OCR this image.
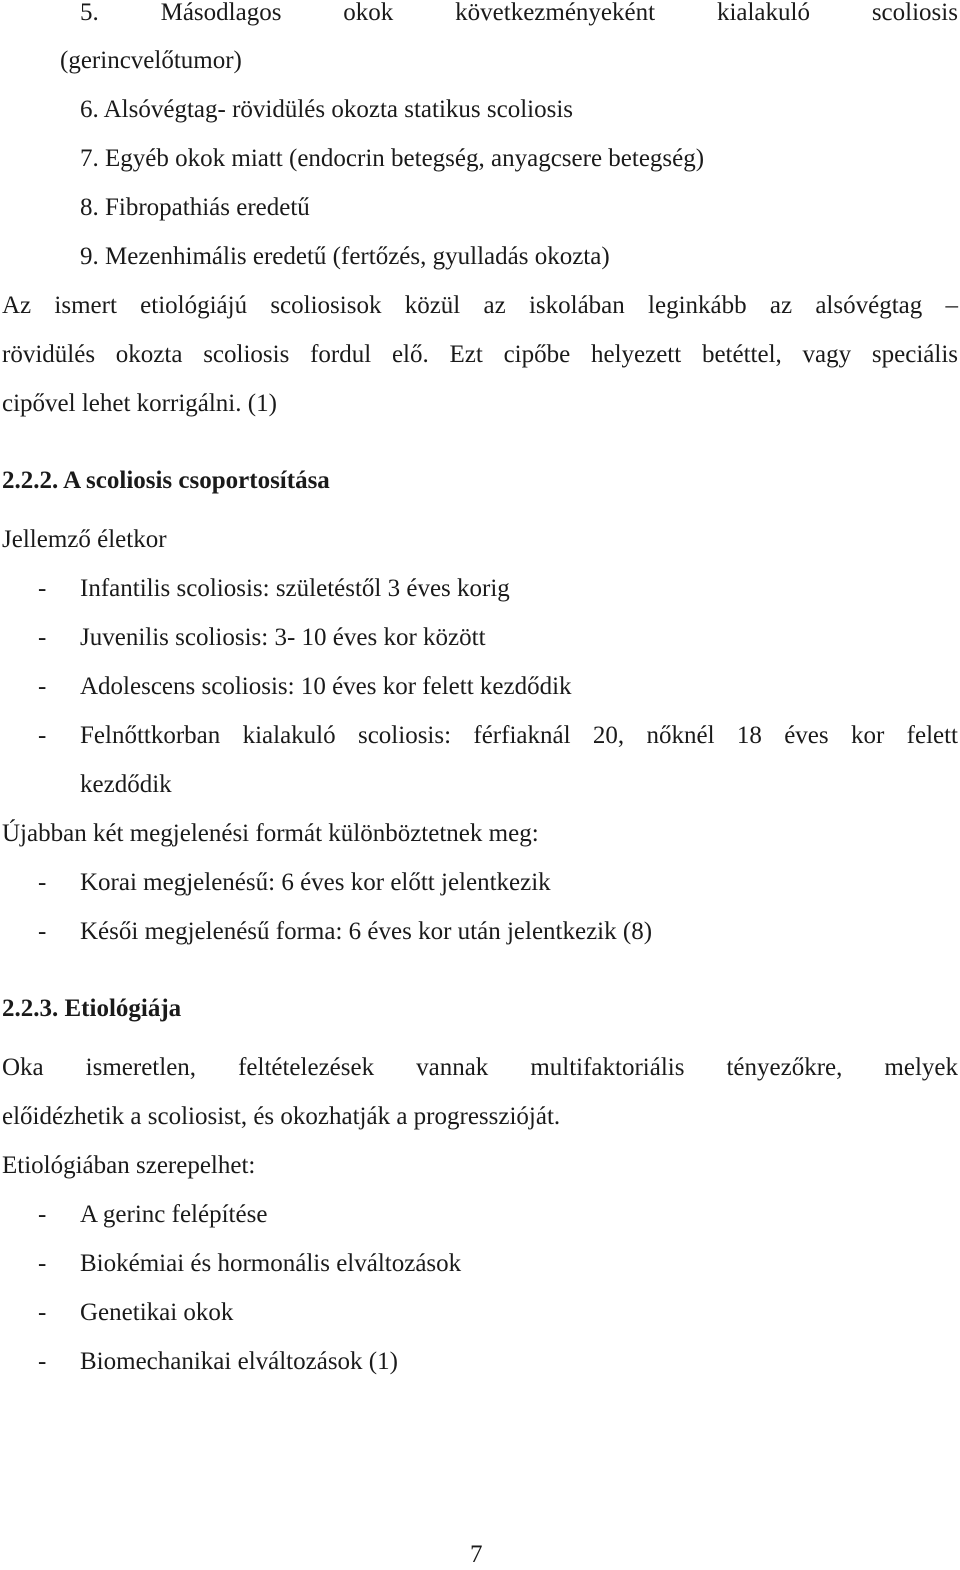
5. Másodlagos okok következményeként kialakuló scoliosis
(gerincvelőtumor)
6. Alsóvégtag- rövidülés okozta statikus scoliosis
7. Egyéb okok miatt (endocrin betegség, anyagcsere betegség)
8. Fibropathiás eredetű
9. Mezenhimális eredetű (fertőzés, gyulladás okozta)
Az ismert etiológiájú scoliosisok közül az iskolában leginkább az alsóvégtag –
rövidülés okozta scoliosis fordul elő. Ezt cipőbe helyezett betéttel, vagy speciális
cipővel lehet korrigálni. (1)
2.2.2. A scoliosis csoportosítása
Jellemző életkor
- Infantilis scoliosis: születéstől 3 éves korig
- Juvenilis scoliosis: 3- 10 éves kor között
- Adolescens scoliosis: 10 éves kor felett kezdődik
- Felnőttkorban kialakuló scoliosis: férfiaknál 20, nőknél 18 éves kor felett
kezdődik
Újabban két megjelenési formát különböztetnek meg:
- Korai megjelenésű: 6 éves kor előtt jelentkezik
- Késői megjelenésű forma: 6 éves kor után jelentkezik (8)
2.2.3. Etiológiája
Oka ismeretlen, feltételezések vannak multifaktoriális tényezőkre, melyek
előidézhetik a scoliosist, és okozhatják a progresszióját.
Etiológiában szerepelhet:
- A gerinc felépítése
- Biokémiai és hormonális elváltozások
- Genetikai okok
- Biomechanikai elváltozások (1)
7
